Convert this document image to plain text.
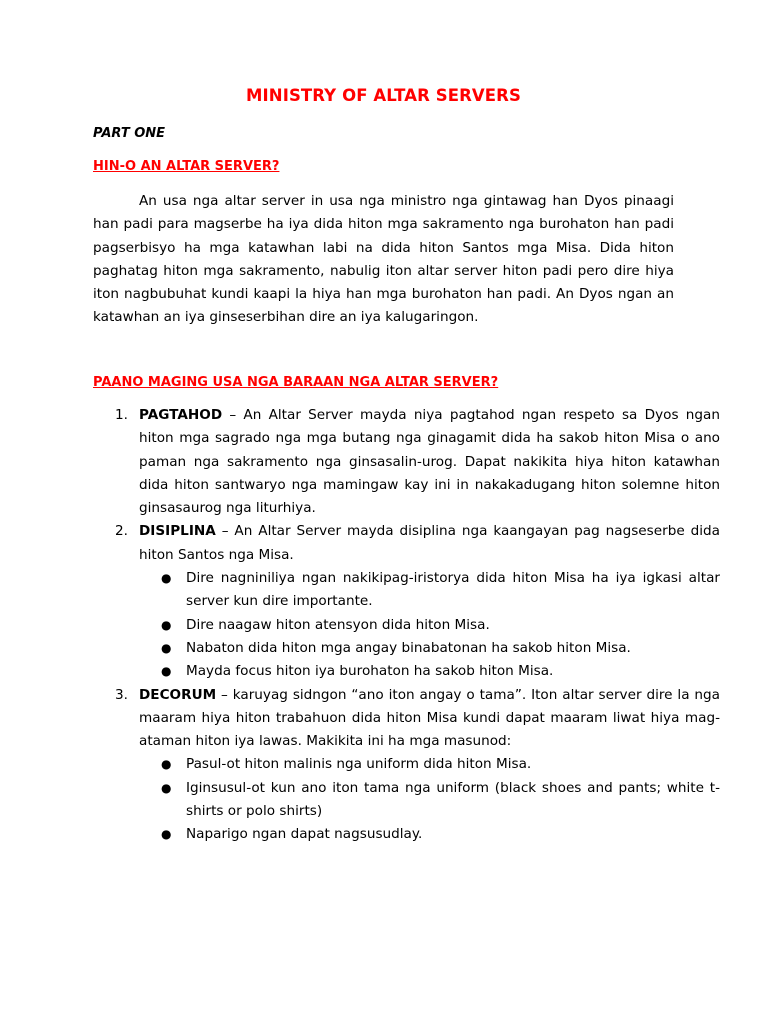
MINISTRY OF ALTAR SERVERS
PART ONE
HIN-O AN ALTAR SERVER?

An usa nga altar server in usa nga ministro nga gintawag han Dyos pinaagi han padi para magserbe ha iya dida hiton mga sakramento nga burohaton han padi pagserbisyo ha mga katawhan labi na dida hiton Santos mga Misa. Dida hiton paghatag hiton mga sakramento, nabulig iton altar server hiton padi pero dire hiya iton nagbubuhat kundi kaapi la hiya han mga burohaton han padi. An Dyos ngan an katawhan an iya ginseserbihan dire an iya kalugaringon.

PAANO MAGING USA NGA BARAAN NGA ALTAR SERVER?
1. PAGTAHOD – An Altar Server mayda niya pagtahod ngan respeto sa Dyos ngan hiton mga sagrado nga mga butang nga ginagamit dida ha sakob hiton Misa o ano paman nga sakramento nga ginsasalin-urog. Dapat nakikita hiya hiton katawhan dida hiton santwaryo nga mamingaw kay ini in nakakadugang hiton solemne hiton ginsasaurog nga liturhiya.
2. DISIPLINA – An Altar Server mayda disiplina nga kaangayan pag nagseserbe dida hiton Santos nga Misa.
● Dire nagniniliya ngan nakikipag-iristorya dida hiton Misa ha iya igkasi altar server kun dire importante.
● Dire naagaw hiton atensyon dida hiton Misa.
● Nabaton dida hiton mga angay binabatonan ha sakob hiton Misa.
● Mayda focus hiton iya burohaton ha sakob hiton Misa.
3. DECORUM – karuyag sidngon “ano iton angay o tama”. Iton altar server dire la nga maaram hiya hiton trabahuon dida hiton Misa kundi dapat maaram liwat hiya mag-ataman hiton iya lawas. Makikita ini ha mga masunod:
● Pasul-ot hiton malinis nga uniform dida hiton Misa.
● Iginsusul-ot kun ano iton tama nga uniform (black shoes and pants; white t-shirts or polo shirts)
● Naparigo ngan dapat nagsusudlay.
